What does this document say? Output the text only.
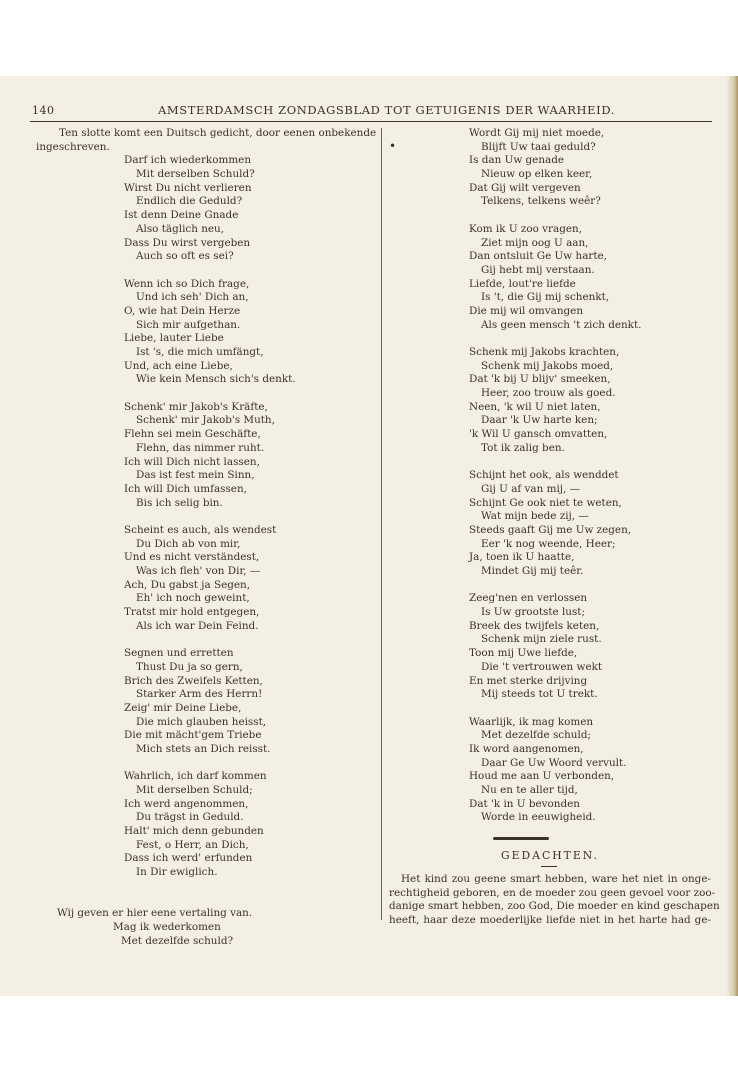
140	AMSTERDAMSCH ZONDAGSBLAD TOT GETUIGENIS DER WAARHEID.
•
Ten slotte komt een Duitsch gedicht, door eenen onbekende
ingeschreven.
Darf ich wiederkommen
Mit derselben Schuld?
Wirst Du nicht verlieren
Endlich die Geduld?
Ist denn Deine Gnade
Also täglich neu,
Dass Du wirst vergeben
Auch so oft es sei?
Wenn ich so Dich frage,
Und ich seh' Dich an,
O, wie hat Dein Herze
Sich mir aufgethan.
Liebe, lauter Liebe
Ist 's, die mich umfängt,
Und, ach eine Liebe,
Wie kein Mensch sich's denkt.
Schenk' mir Jakob's Kräfte,
Schenk' mir Jakob's Muth,
Flehn sei mein Geschäfte,
Flehn, das nimmer ruht.
Ich will Dich nicht lassen,
Das ist fest mein Sinn,
Ich will Dich umfassen,
Bis ich selig bin.
Scheint es auch, als wendest
Du Dich ab von mir,
Und es nicht verständest,
Was ich fleh' von Dir, —
Ach, Du gabst ja Segen,
Eh' ich noch geweint,
Tratst mir hold entgegen,
Als ich war Dein Feind.
Segnen und erretten
Thust Du ja so gern,
Brich des Zweifels Ketten,
Starker Arm des Herrn!
Zeig' mir Deine Liebe,
Die mich glauben heisst,
Die mit mächt'gem Triebe
Mich stets an Dich reisst.
Wahrlich, ich darf kommen
Mit derselben Schuld;
Ich werd angenommen,
Du trägst in Geduld.
Halt' mich denn gebunden
Fest, o Herr, an Dich,
Dass ich werd' erfunden
In Dir ewiglich.
Wij geven er hier eene vertaling van.
Mag ik wederkomen
Met dezelfde schuld?
Wordt Gij mij niet moede,
Blijft Uw taai geduld?
Is dan Uw genade
Nieuw op elken keer,
Dat Gij wilt vergeven
Telkens, telkens weêr?
Kom ik U zoo vragen,
Ziet mijn oog U aan,
Dan ontsluit Ge Uw harte,
Gij hebt mij verstaan.
Liefde, lout're liefde
Is 't, die Gij mij schenkt,
Die mij wil omvangen
Als geen mensch 't zich denkt.
Schenk mij Jakobs krachten,
Schenk mij Jakobs moed,
Dat 'k bij U blijv' smeeken,
Heer, zoo trouw als goed.
Neen, 'k wil U niet laten,
Daar 'k Uw harte ken;
'k Wil U gansch omvatten,
Tot ik zalig ben.
Schijnt het ook, als wenddet
Gij U af van mij, —
Schijnt Ge ook niet te weten,
Wat mijn bede zij, —
Steeds gaaft Gij me Uw zegen,
Eer 'k nog weende, Heer;
Ja, toen ik U haatte,
Mindet Gij mij teêr.
Zeeg'nen en verlossen
Is Uw grootste lust;
Breek des twijfels keten,
Schenk mijn ziele rust.
Toon mij Uwe liefde,
Die 't vertrouwen wekt
En met sterke drijving
Mij steeds tot U trekt.
Waarlijk, ik mag komen
Met dezelfde schuld;
Ik word aangenomen,
Daar Ge Uw Woord vervult.
Houd me aan U verbonden,
Nu en te aller tijd,
Dat 'k in U bevonden
Worde in eeuwigheid.
GEDACHTEN.
Het kind zou geene smart hebben, ware het niet in onge-
rechtigheid geboren, en de moeder zou geen gevoel voor zoo-
danige smart hebben, zoo God, Die moeder en kind geschapen
heeft, haar deze moederlijke liefde niet in het harte had ge-
